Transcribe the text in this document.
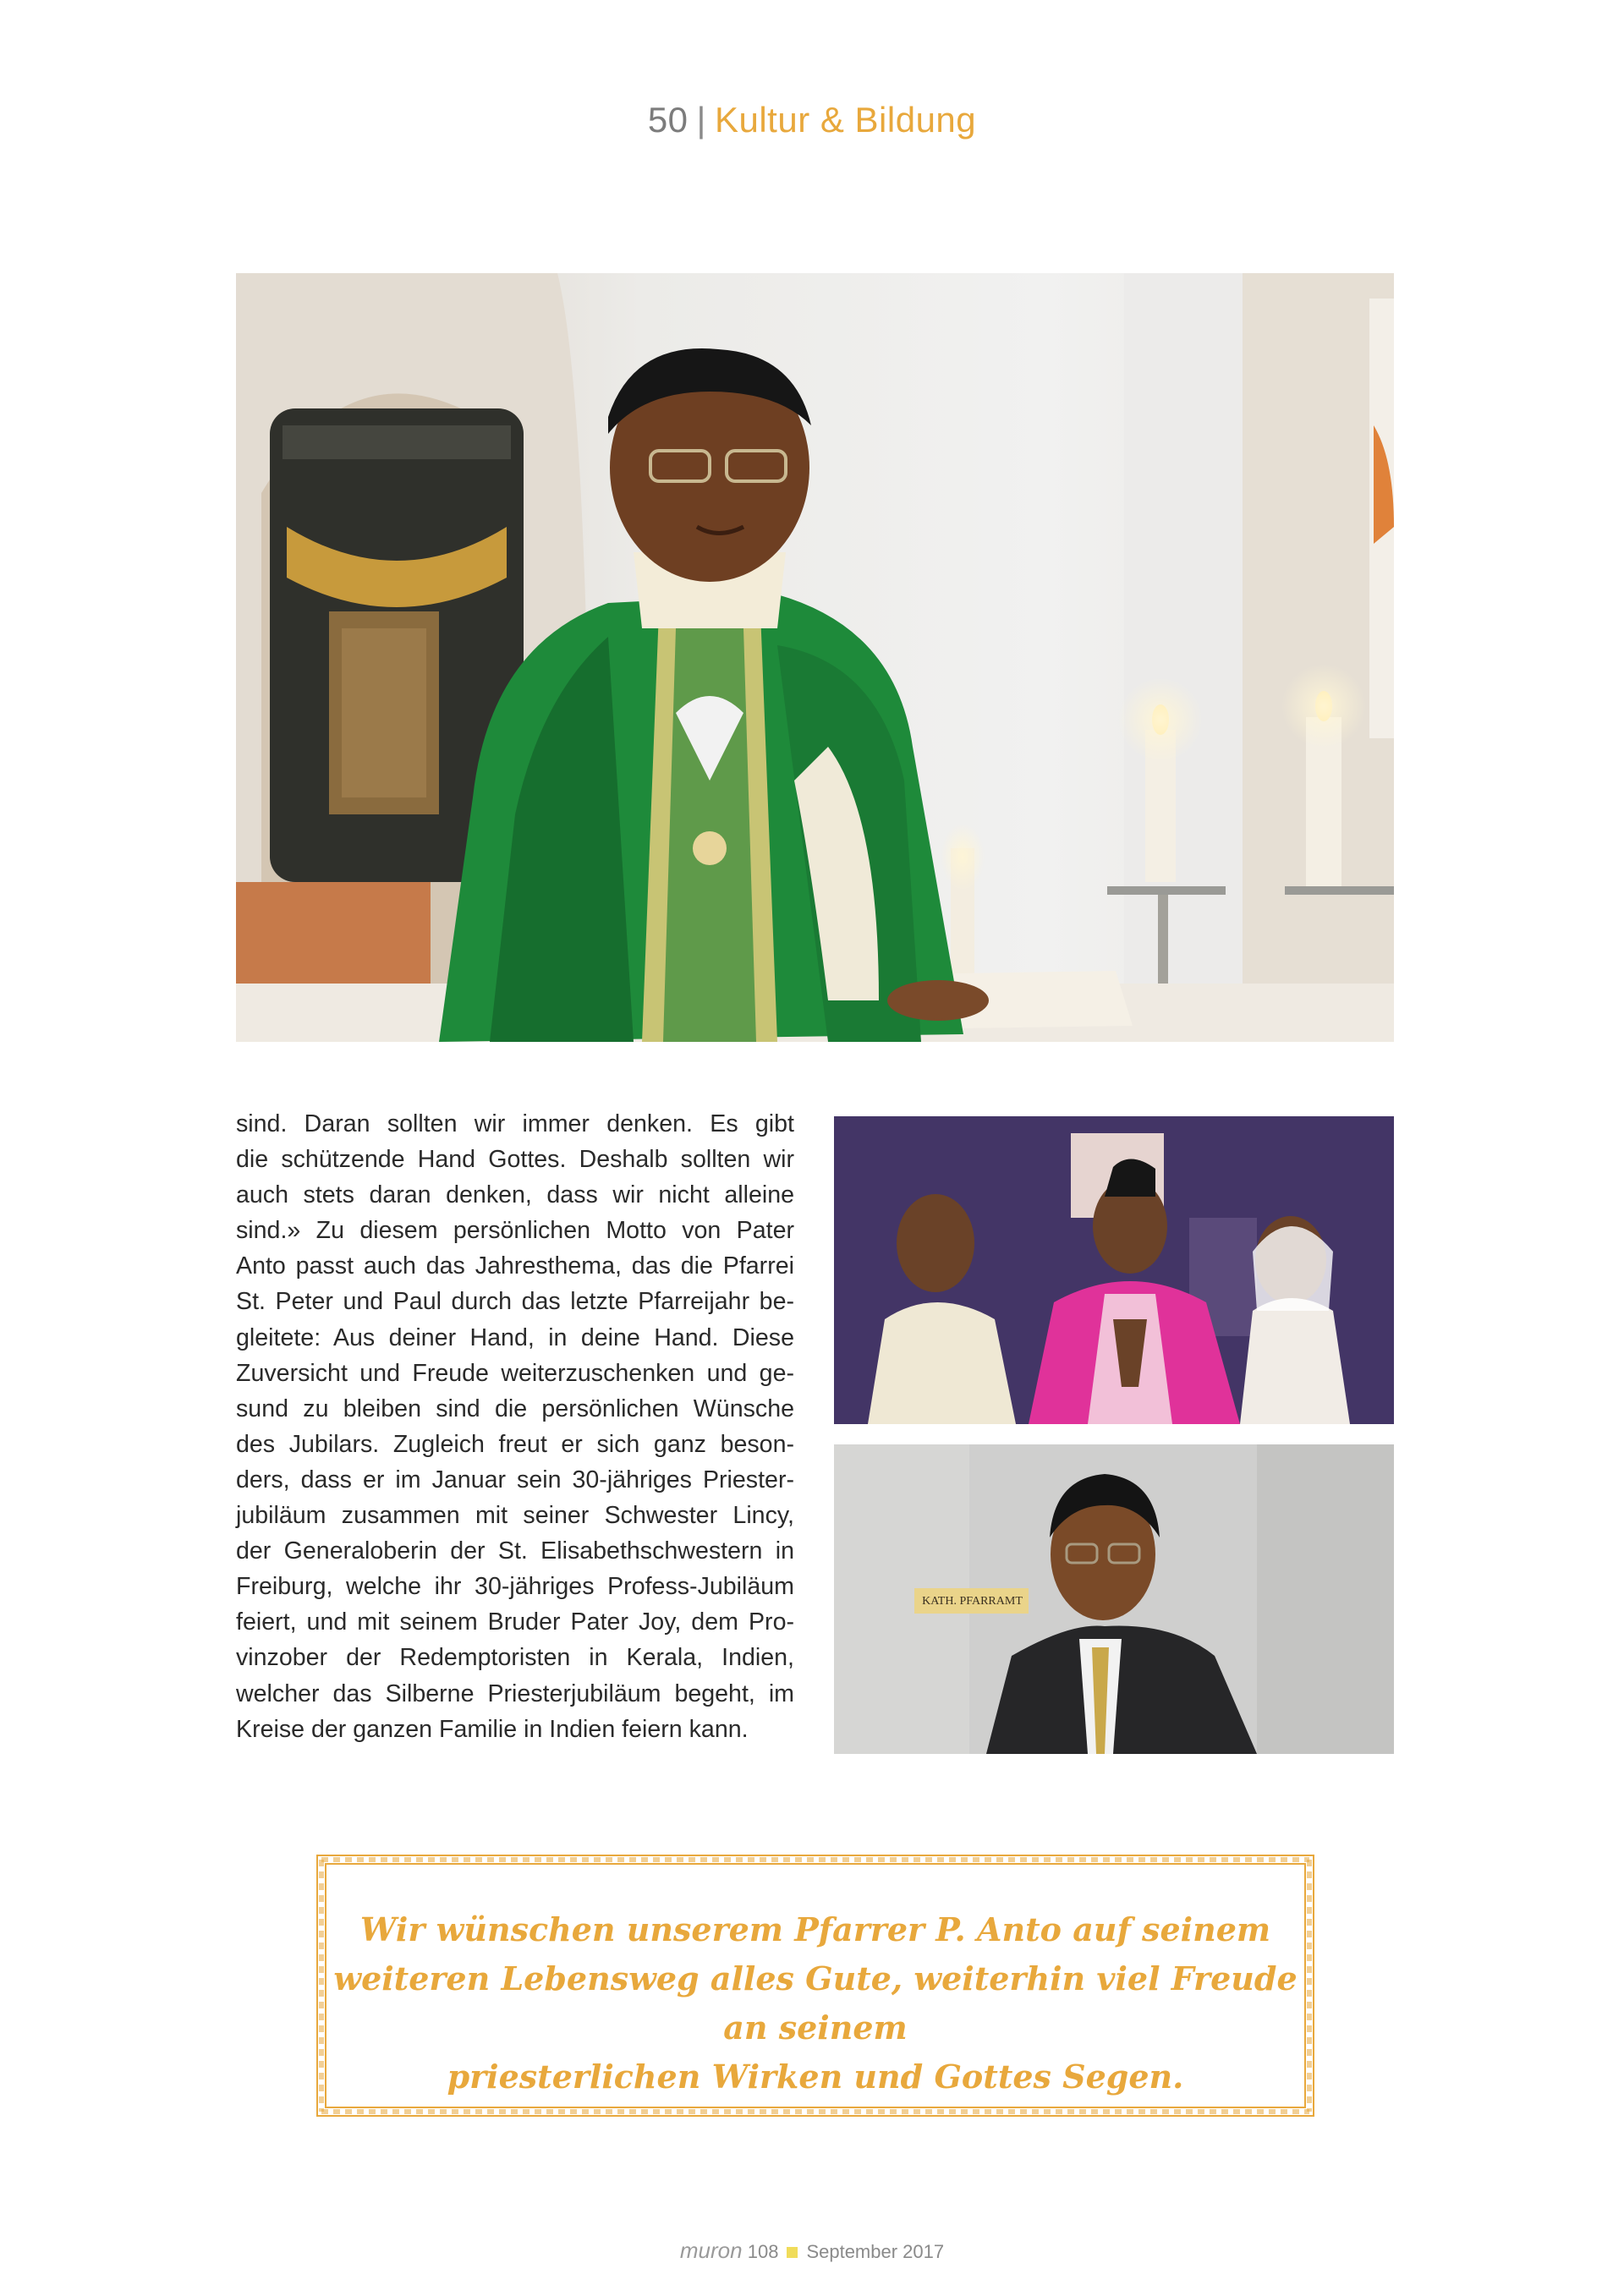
50 | Kultur & Bildung
sind. Daran sollten wir immer denken. Es gibt
die schützende Hand Gottes. Deshalb sollten wir
auch stets daran denken, dass wir nicht alleine
sind.» Zu diesem persönlichen Motto von Pater
Anto passt auch das Jahresthema, das die Pfarrei
St. Peter und Paul durch das letzte Pfarreijahr be-
gleitete: Aus deiner Hand, in deine Hand. Diese
Zuversicht und Freude weiterzuschenken und ge-
sund zu bleiben sind die persönlichen Wünsche
des Jubilars. Zugleich freut er sich ganz beson-
ders, dass er im Januar sein 30-jähriges Priester-
jubiläum zusammen mit seiner Schwester Lincy,
der Generaloberin der St. Elisabethschwestern in
Freiburg, welche ihr 30-jähriges Profess-Jubiläum
feiert, und mit seinem Bruder Pater Joy, dem Pro-
vinzober der Redemptoristen in Kerala, Indien,
welcher das Silberne Priesterjubiläum begeht, im
Kreise der ganzen Familie in Indien feiern kann.
KATH. PFARRAMT
Wir wünschen unserem Pfarrer P. Anto auf seinem
weiteren Lebensweg alles Gute, weiterhin viel Freude an seinem
priesterlichen Wirken und Gottes Segen.
muron 108 September 2017
